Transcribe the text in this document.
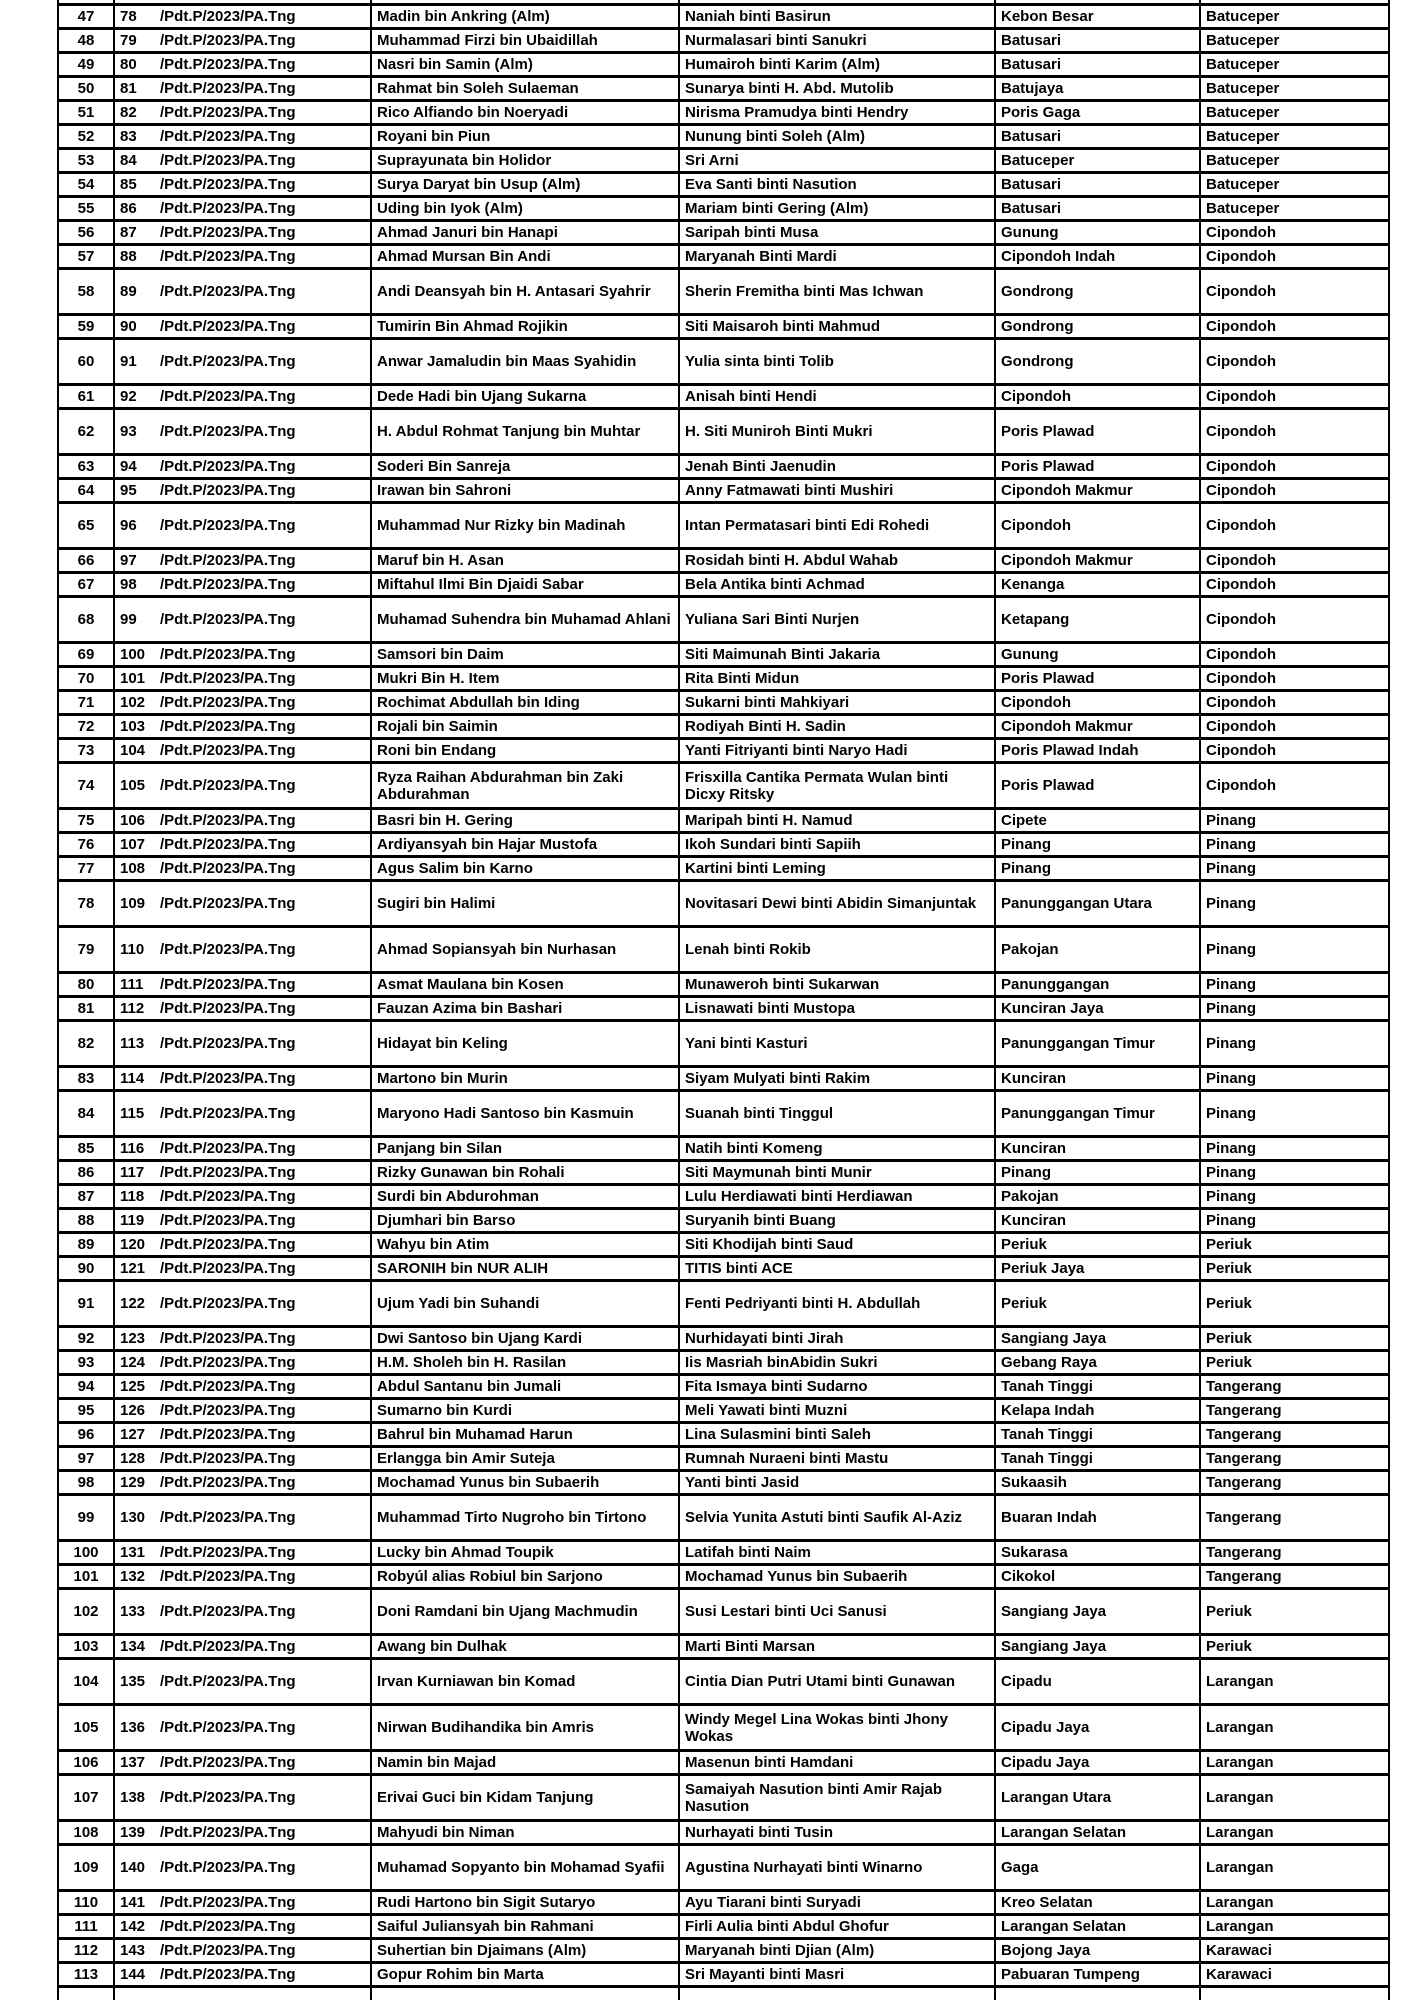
47	78 /Pdt.P/2023/PA.Tng	Madin bin Ankring (Alm)	Naniah binti Basirun	Kebon Besar	Batuceper
48	79 /Pdt.P/2023/PA.Tng	Muhammad Firzi bin Ubaidillah	Nurmalasari binti Sanukri	Batusari	Batuceper
49	80 /Pdt.P/2023/PA.Tng	Nasri bin Samin (Alm)	Humairoh binti Karim (Alm)	Batusari	Batuceper
50	81 /Pdt.P/2023/PA.Tng	Rahmat bin Soleh Sulaeman	Sunarya binti H. Abd. Mutolib	Batujaya	Batuceper
51	82 /Pdt.P/2023/PA.Tng	Rico Alfiando bin Noeryadi	Nirisma Pramudya binti Hendry	Poris Gaga	Batuceper
52	83 /Pdt.P/2023/PA.Tng	Royani bin Piun	Nunung binti Soleh (Alm)	Batusari	Batuceper
53	84 /Pdt.P/2023/PA.Tng	Suprayunata bin Holidor	Sri Arni	Batuceper	Batuceper
54	85 /Pdt.P/2023/PA.Tng	Surya Daryat bin Usup (Alm)	Eva Santi binti Nasution	Batusari	Batuceper
55	86 /Pdt.P/2023/PA.Tng	Uding bin Iyok (Alm)	Mariam binti Gering (Alm)	Batusari	Batuceper
56	87 /Pdt.P/2023/PA.Tng	Ahmad Januri bin Hanapi	Saripah binti Musa	Gunung	Cipondoh
57	88 /Pdt.P/2023/PA.Tng	Ahmad Mursan Bin Andi	Maryanah Binti Mardi	Cipondoh Indah	Cipondoh
58	89 /Pdt.P/2023/PA.Tng	Andi Deansyah bin H. Antasari Syahrir	Sherin Fremitha binti Mas Ichwan	Gondrong	Cipondoh
59	90 /Pdt.P/2023/PA.Tng	Tumirin Bin Ahmad Rojikin	Siti Maisaroh binti Mahmud	Gondrong	Cipondoh
60	91 /Pdt.P/2023/PA.Tng	Anwar Jamaludin bin Maas Syahidin	Yulia sinta binti Tolib	Gondrong	Cipondoh
61	92 /Pdt.P/2023/PA.Tng	Dede Hadi bin Ujang Sukarna	Anisah binti Hendi	Cipondoh	Cipondoh
62	93 /Pdt.P/2023/PA.Tng	H. Abdul Rohmat Tanjung bin Muhtar	H. Siti Muniroh Binti Mukri	Poris Plawad	Cipondoh
63	94 /Pdt.P/2023/PA.Tng	Soderi Bin Sanreja	Jenah Binti Jaenudin	Poris Plawad	Cipondoh
64	95 /Pdt.P/2023/PA.Tng	Irawan bin Sahroni	Anny Fatmawati binti Mushiri	Cipondoh Makmur	Cipondoh
65	96 /Pdt.P/2023/PA.Tng	Muhammad Nur Rizky bin Madinah	Intan Permatasari binti Edi Rohedi	Cipondoh	Cipondoh
66	97 /Pdt.P/2023/PA.Tng	Maruf bin H. Asan	Rosidah binti H. Abdul Wahab	Cipondoh Makmur	Cipondoh
67	98 /Pdt.P/2023/PA.Tng	Miftahul Ilmi Bin Djaidi Sabar	Bela Antika binti Achmad	Kenanga	Cipondoh
68	99 /Pdt.P/2023/PA.Tng	Muhamad Suhendra bin Muhamad Ahlani	Yuliana Sari Binti Nurjen	Ketapang	Cipondoh
69	100 /Pdt.P/2023/PA.Tng	Samsori bin Daim	Siti Maimunah Binti Jakaria	Gunung	Cipondoh
70	101 /Pdt.P/2023/PA.Tng	Mukri Bin H. Item	Rita Binti Midun	Poris Plawad	Cipondoh
71	102 /Pdt.P/2023/PA.Tng	Rochimat Abdullah bin Iding	Sukarni binti Mahkiyari	Cipondoh	Cipondoh
72	103 /Pdt.P/2023/PA.Tng	Rojali bin Saimin	Rodiyah Binti H. Sadin	Cipondoh Makmur	Cipondoh
73	104 /Pdt.P/2023/PA.Tng	Roni bin Endang	Yanti Fitriyanti binti Naryo Hadi	Poris Plawad Indah	Cipondoh
74	105 /Pdt.P/2023/PA.Tng	Ryza Raihan Abdurahman bin Zaki Abdurahman	Frisxilla Cantika Permata Wulan binti Dicxy Ritsky	Poris Plawad	Cipondoh
75	106 /Pdt.P/2023/PA.Tng	Basri bin H. Gering	Maripah binti H. Namud	Cipete	Pinang
76	107 /Pdt.P/2023/PA.Tng	Ardiyansyah bin Hajar Mustofa	Ikoh Sundari binti Sapiih	Pinang	Pinang
77	108 /Pdt.P/2023/PA.Tng	Agus Salim bin Karno	Kartini binti Leming	Pinang	Pinang
78	109 /Pdt.P/2023/PA.Tng	Sugiri bin Halimi	Novitasari Dewi binti Abidin Simanjuntak	Panunggangan Utara	Pinang
79	110 /Pdt.P/2023/PA.Tng	Ahmad Sopiansyah bin Nurhasan	Lenah binti Rokib	Pakojan	Pinang
80	111 /Pdt.P/2023/PA.Tng	Asmat Maulana bin Kosen	Munaweroh binti Sukarwan	Panunggangan	Pinang
81	112 /Pdt.P/2023/PA.Tng	Fauzan Azima bin Bashari	Lisnawati binti Mustopa	Kunciran Jaya	Pinang
82	113 /Pdt.P/2023/PA.Tng	Hidayat bin Keling	Yani binti Kasturi	Panunggangan Timur	Pinang
83	114 /Pdt.P/2023/PA.Tng	Martono bin Murin	Siyam Mulyati binti Rakim	Kunciran	Pinang
84	115 /Pdt.P/2023/PA.Tng	Maryono Hadi Santoso bin Kasmuin	Suanah binti Tinggul	Panunggangan Timur	Pinang
85	116 /Pdt.P/2023/PA.Tng	Panjang bin Silan	Natih binti Komeng	Kunciran	Pinang
86	117 /Pdt.P/2023/PA.Tng	Rizky Gunawan bin Rohali	Siti Maymunah binti Munir	Pinang	Pinang
87	118 /Pdt.P/2023/PA.Tng	Surdi bin Abdurohman	Lulu Herdiawati binti Herdiawan	Pakojan	Pinang
88	119 /Pdt.P/2023/PA.Tng	Djumhari bin Barso	Suryanih binti Buang	Kunciran	Pinang
89	120 /Pdt.P/2023/PA.Tng	Wahyu bin Atim	Siti Khodijah binti Saud	Periuk	Periuk
90	121 /Pdt.P/2023/PA.Tng	SARONIH bin NUR ALIH	TITIS binti ACE	Periuk Jaya	Periuk
91	122 /Pdt.P/2023/PA.Tng	Ujum Yadi bin Suhandi	Fenti Pedriyanti binti H. Abdullah	Periuk	Periuk
92	123 /Pdt.P/2023/PA.Tng	Dwi Santoso bin Ujang Kardi	Nurhidayati binti Jirah	Sangiang Jaya	Periuk
93	124 /Pdt.P/2023/PA.Tng	H.M. Sholeh bin H. Rasilan	Iis Masriah binAbidin Sukri	Gebang Raya	Periuk
94	125 /Pdt.P/2023/PA.Tng	Abdul Santanu bin Jumali	Fita Ismaya binti Sudarno	Tanah Tinggi	Tangerang
95	126 /Pdt.P/2023/PA.Tng	Sumarno bin Kurdi	Meli Yawati binti Muzni	Kelapa Indah	Tangerang
96	127 /Pdt.P/2023/PA.Tng	Bahrul bin Muhamad Harun	Lina Sulasmini binti Saleh	Tanah Tinggi	Tangerang
97	128 /Pdt.P/2023/PA.Tng	Erlangga bin Amir Suteja	Rumnah Nuraeni binti Mastu	Tanah Tinggi	Tangerang
98	129 /Pdt.P/2023/PA.Tng	Mochamad Yunus bin Subaerih	Yanti binti Jasid	Sukaasih	Tangerang
99	130 /Pdt.P/2023/PA.Tng	Muhammad Tirto Nugroho bin Tirtono	Selvia Yunita Astuti binti Saufik Al-Aziz	Buaran Indah	Tangerang
100	131 /Pdt.P/2023/PA.Tng	Lucky bin Ahmad Toupik	Latifah binti Naim	Sukarasa	Tangerang
101	132 /Pdt.P/2023/PA.Tng	Robyúl alias Robiul bin Sarjono	Mochamad Yunus bin Subaerih	Cikokol	Tangerang
102	133 /Pdt.P/2023/PA.Tng	Doni Ramdani bin Ujang Machmudin	Susi Lestari binti Uci Sanusi	Sangiang Jaya	Periuk
103	134 /Pdt.P/2023/PA.Tng	Awang bin Dulhak	Marti Binti Marsan	Sangiang Jaya	Periuk
104	135 /Pdt.P/2023/PA.Tng	Irvan Kurniawan bin Komad	Cintia Dian Putri Utami binti Gunawan	Cipadu	Larangan
105	136 /Pdt.P/2023/PA.Tng	Nirwan Budihandika bin Amris	Windy Megel Lina Wokas binti Jhony Wokas	Cipadu Jaya	Larangan
106	137 /Pdt.P/2023/PA.Tng	Namin bin Majad	Masenun binti Hamdani	Cipadu Jaya	Larangan
107	138 /Pdt.P/2023/PA.Tng	Erivai Guci bin Kidam Tanjung	Samaiyah Nasution binti Amir Rajab Nasution	Larangan Utara	Larangan
108	139 /Pdt.P/2023/PA.Tng	Mahyudi bin Niman	Nurhayati binti Tusin	Larangan Selatan	Larangan
109	140 /Pdt.P/2023/PA.Tng	Muhamad Sopyanto bin Mohamad Syafii	Agustina Nurhayati binti Winarno	Gaga	Larangan
110	141 /Pdt.P/2023/PA.Tng	Rudi Hartono bin Sigit Sutaryo	Ayu Tiarani binti Suryadi	Kreo Selatan	Larangan
111	142 /Pdt.P/2023/PA.Tng	Saiful Juliansyah bin Rahmani	Firli Aulia binti Abdul Ghofur	Larangan Selatan	Larangan
112	143 /Pdt.P/2023/PA.Tng	Suhertian bin Djaimans (Alm)	Maryanah binti Djian (Alm)	Bojong Jaya	Karawaci
113	144 /Pdt.P/2023/PA.Tng	Gopur Rohim bin Marta	Sri Mayanti binti Masri	Pabuaran Tumpeng	Karawaci
